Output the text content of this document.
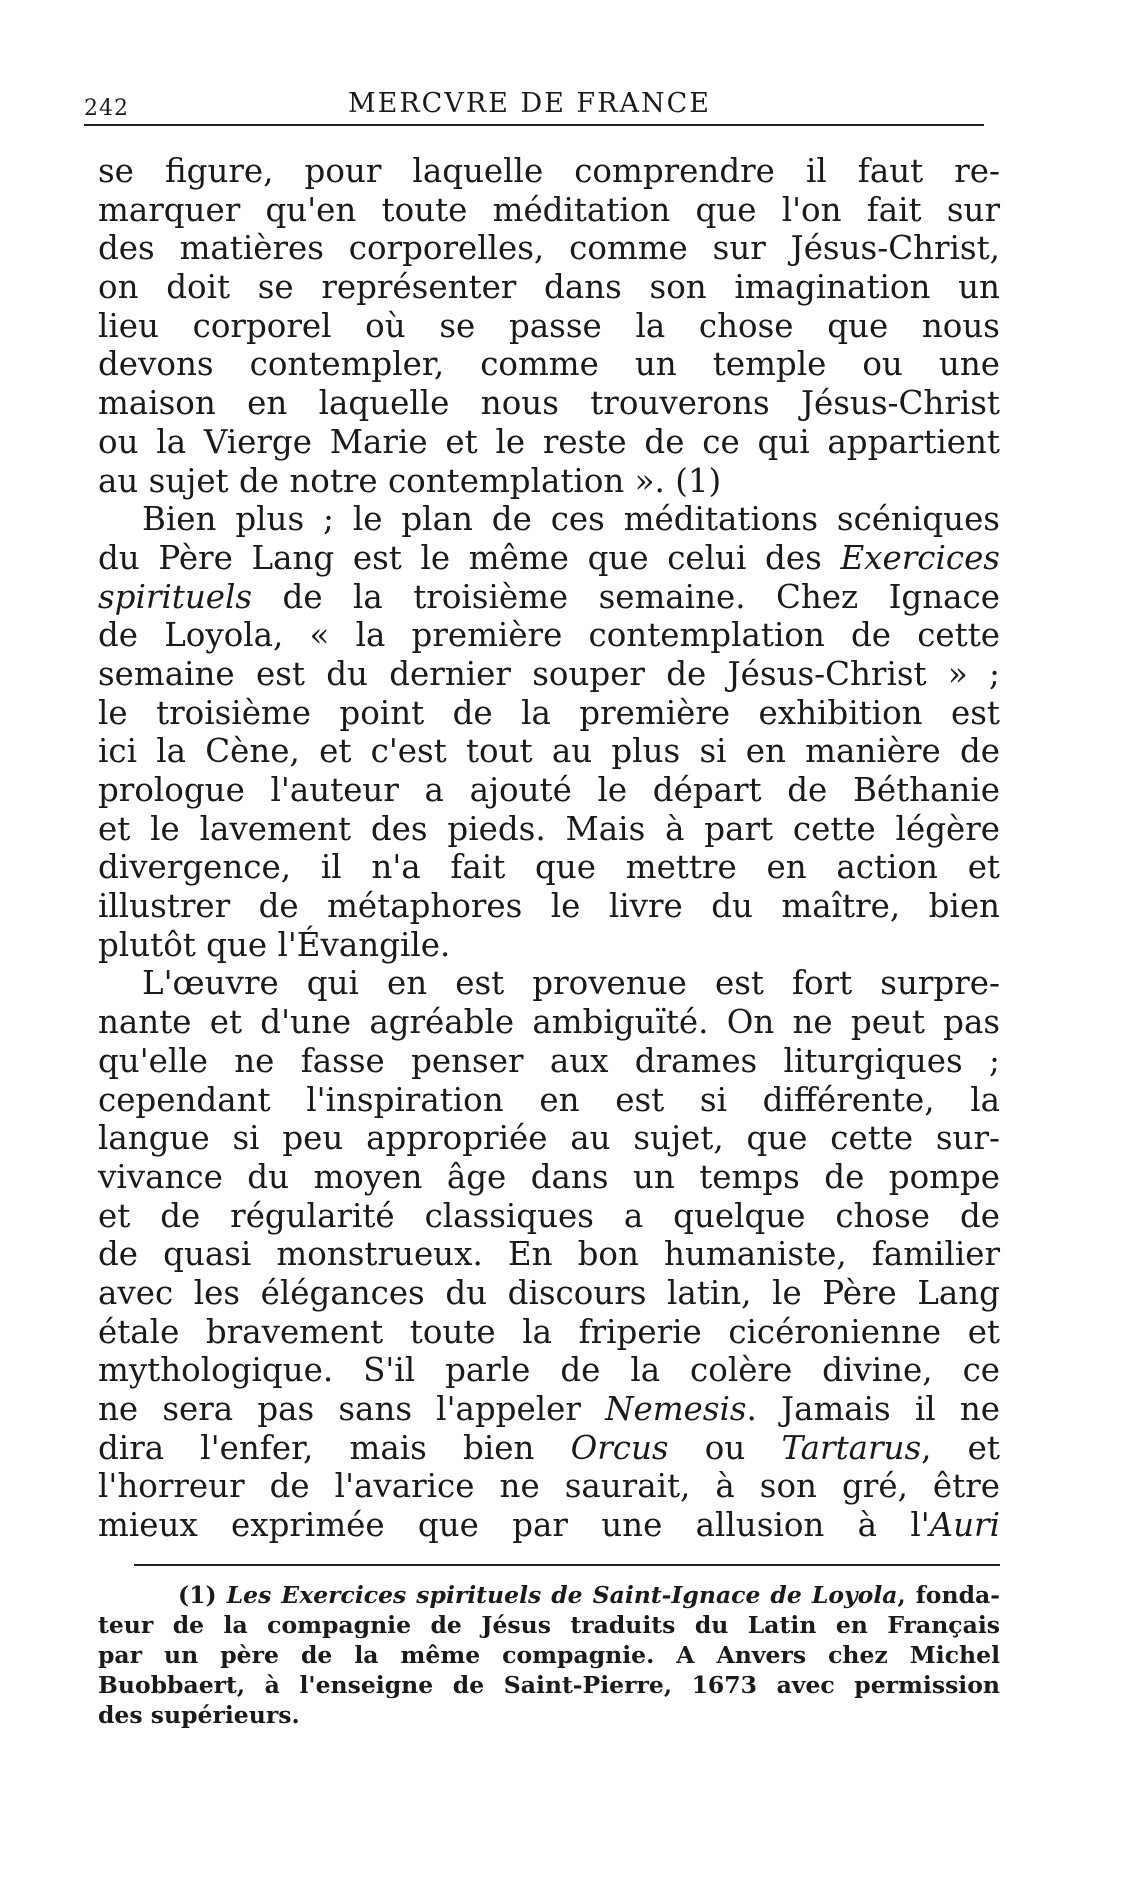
242	MERCVRE DE FRANCE
se figure, pour laquelle comprendre il faut re-
marquer qu'en toute méditation que l'on fait sur
des matières corporelles, comme sur Jésus-Christ,
on doit se représenter dans son imagination un
lieu corporel où se passe la chose que nous
devons contempler, comme un temple ou une
maison en laquelle nous trouverons Jésus-Christ
ou la Vierge Marie et le reste de ce qui appartient
au sujet de notre contemplation ». (1)
Bien plus ; le plan de ces méditations scéniques
du Père Lang est le même que celui des Exercices
spirituels de la troisième semaine. Chez Ignace
de Loyola, « la première contemplation de cette
semaine est du dernier souper de Jésus-Christ » ;
le troisième point de la première exhibition est
ici la Cène, et c'est tout au plus si en manière de
prologue l'auteur a ajouté le départ de Béthanie
et le lavement des pieds. Mais à part cette légère
divergence, il n'a fait que mettre en action et
illustrer de métaphores le livre du maître, bien
plutôt que l'Évangile.
L'œuvre qui en est provenue est fort surpre-
nante et d'une agréable ambiguïté. On ne peut pas
qu'elle ne fasse penser aux drames liturgiques ;
cependant l'inspiration en est si différente, la
langue si peu appropriée au sujet, que cette sur-
vivance du moyen âge dans un temps de pompe
et de régularité classiques a quelque chose de
de quasi monstrueux. En bon humaniste, familier
avec les élégances du discours latin, le Père Lang
étale bravement toute la friperie cicéronienne et
mythologique. S'il parle de la colère divine, ce
ne sera pas sans l'appeler Nemesis. Jamais il ne
dira l'enfer, mais bien Orcus ou Tartarus, et
l'horreur de l'avarice ne saurait, à son gré, être
mieux exprimée que par une allusion à l'Auri
(1) Les Exercices spirituels de Saint-Ignace de Loyola, fonda-
teur de la compagnie de Jésus traduits du Latin en Français
par un père de la même compagnie. A Anvers chez Michel
Buobbaert, à l'enseigne de Saint-Pierre, 1673 avec permission
des supérieurs.
